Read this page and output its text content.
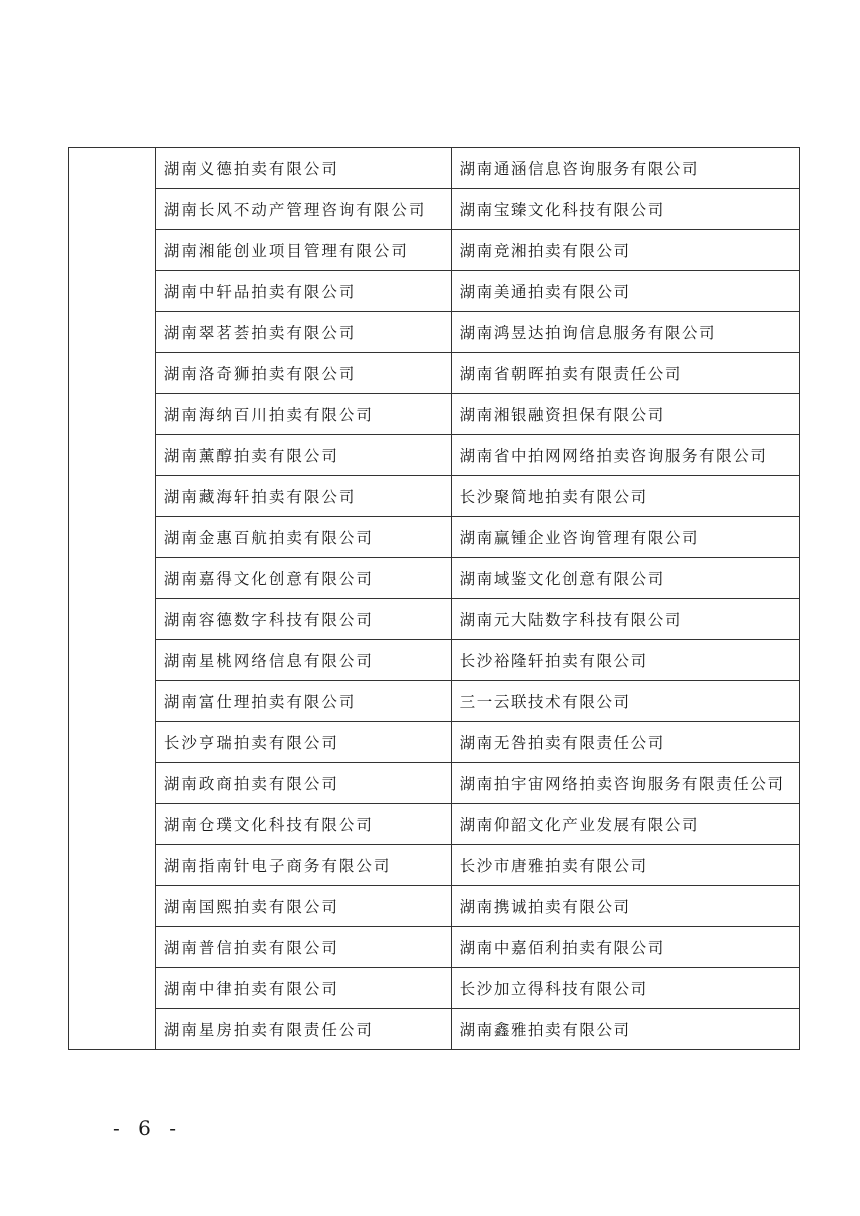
	湖南义德拍卖有限公司	湖南通涵信息咨询服务有限公司
	湖南长风不动产管理咨询有限公司	湖南宝臻文化科技有限公司
	湖南湘能创业项目管理有限公司	湖南竞湘拍卖有限公司
	湖南中轩品拍卖有限公司	湖南美通拍卖有限公司
	湖南翠茗荟拍卖有限公司	湖南鸿昱达拍询信息服务有限公司
	湖南洛奇狮拍卖有限公司	湖南省朝晖拍卖有限责任公司
	湖南海纳百川拍卖有限公司	湖南湘银融资担保有限公司
	湖南薰醇拍卖有限公司	湖南省中拍网网络拍卖咨询服务有限公司
	湖南藏海轩拍卖有限公司	长沙聚简地拍卖有限公司
	湖南金惠百航拍卖有限公司	湖南赢锺企业咨询管理有限公司
	湖南嘉得文化创意有限公司	湖南域鉴文化创意有限公司
	湖南容德数字科技有限公司	湖南元大陆数字科技有限公司
	湖南星桃网络信息有限公司	长沙裕隆轩拍卖有限公司
	湖南富仕理拍卖有限公司	三一云联技术有限公司
	长沙亨瑞拍卖有限公司	湖南无咎拍卖有限责任公司
	湖南政商拍卖有限公司	湖南拍宇宙网络拍卖咨询服务有限责任公司
	湖南仓璞文化科技有限公司	湖南仰韶文化产业发展有限公司
	湖南指南针电子商务有限公司	长沙市唐雅拍卖有限公司
	湖南国熙拍卖有限公司	湖南携诚拍卖有限公司
	湖南普信拍卖有限公司	湖南中嘉佰利拍卖有限公司
	湖南中律拍卖有限公司	长沙加立得科技有限公司
	湖南星房拍卖有限责任公司	湖南鑫雅拍卖有限公司
- 6 -
